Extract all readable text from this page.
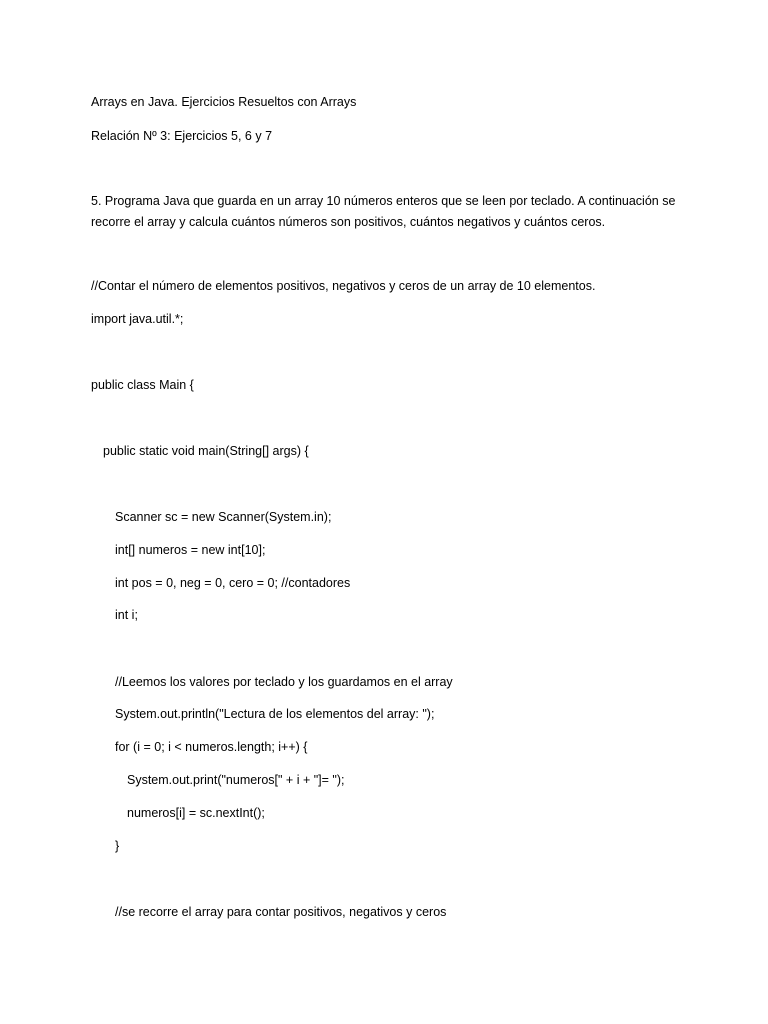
Arrays en Java. Ejercicios Resueltos con Arrays
Relación Nº 3: Ejercicios 5, 6 y 7
5. Programa Java que guarda en un array 10 números enteros que se leen por teclado. A continuación se
recorre el array y calcula cuántos números son positivos, cuántos negativos y cuántos ceros.
//Contar el número de elementos positivos, negativos y ceros de un array de 10 elementos.
import java.util.*;
public class Main {
public static void main(String[] args) {
Scanner sc = new Scanner(System.in);
int[] numeros = new int[10];
int pos = 0, neg = 0, cero = 0; //contadores
int i;
//Leemos los valores por teclado y los guardamos en el array
System.out.println("Lectura de los elementos del array: ");
for (i = 0; i < numeros.length; i++) {
System.out.print("numeros[" + i + "]= ");
numeros[i] = sc.nextInt();
}
//se recorre el array para contar positivos, negativos y ceros
